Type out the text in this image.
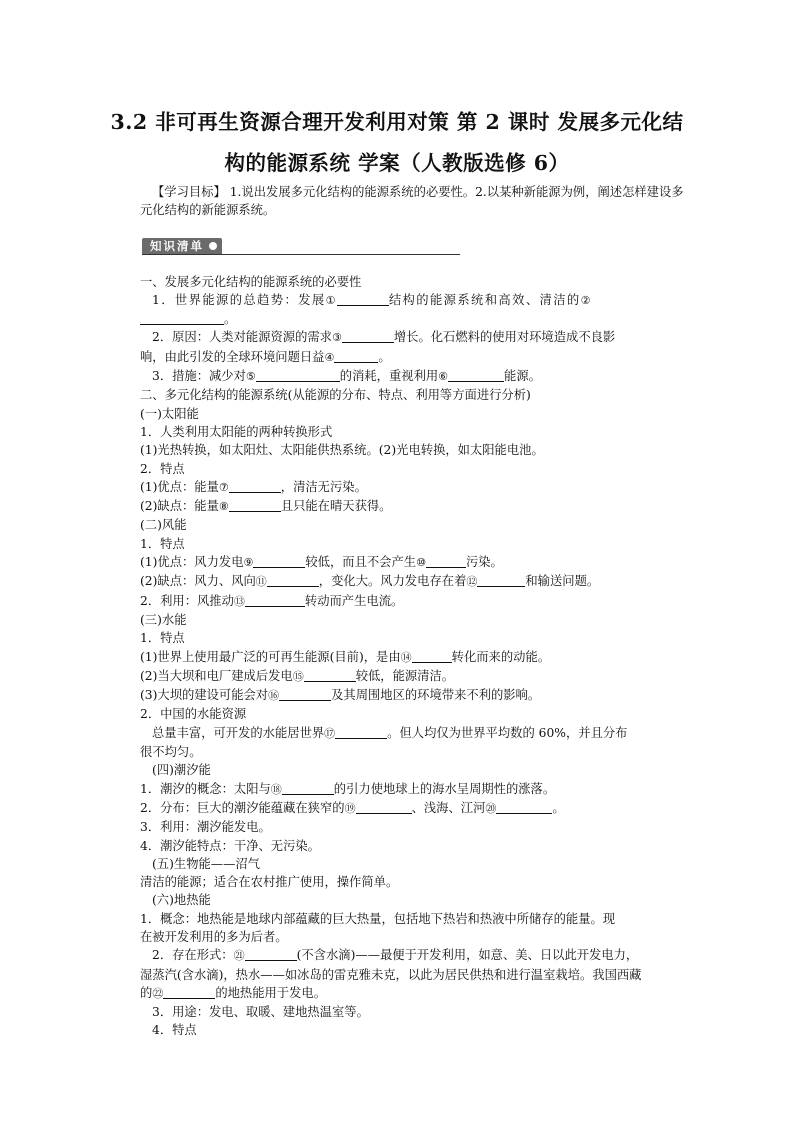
3.2 非可再生资源合理开发利用对策 第 2 课时 发展多元化结
构的能源系统 学案（人教版选修 6）

【学习目标】 1.说出发展多元化结构的能源系统的必要性。2.以某种新能源为例，阐述怎样建设多元化结构的新能源系统。

知识清单

一、发展多元化结构的能源系统的必要性

1．世界能源的总趋势：发展①	结构的能源系统和高效、清洁的②

。

2．原因：人类对能源资源的需求③	增长。化石燃料的使用对环境造成不良影

响，由此引发的全球环境问题日益④	。

3．措施：减少对⑤	的消耗，重视利用⑥	能源。

二、多元化结构的能源系统(从能源的分布、特点、利用等方面进行分析)

(一)太阳能

1．人类利用太阳能的两种转换形式

(1)光热转换，如太阳灶、太阳能供热系统。(2)光电转换，如太阳能电池。

2．特点

(1)优点：能量⑦	，清洁无污染。

(2)缺点：能量⑧	且只能在晴天获得。

(二)风能

1．特点

(1)优点：风力发电⑨	较低，而且不会产生⑩	污染。

(2)缺点：风力、风向⑪	，变化大。风力发电存在着⑫	和输送问题。

2．利用：风推动⑬	转动而产生电流。

(三)水能

1．特点

(1)世界上使用最广泛的可再生能源(目前)，是由⑭	转化而来的动能。

(2)当大坝和电厂建成后发电⑮	较低，能源清洁。

(3)大坝的建设可能会对⑯	及其周围地区的环境带来不利的影响。

2．中国的水能资源

总量丰富，可开发的水能居世界⑰	。但人均仅为世界平均数的 60%，并且分布

很不均匀。

(四)潮汐能

1．潮汐的概念：太阳与⑱	的引力使地球上的海水呈周期性的涨落。

2．分布：巨大的潮汐能蕴藏在狭窄的⑲	、浅海、江河⑳	。

3．利用：潮汐能发电。

4．潮汐能特点：干净、无污染。

(五)生物能——沼气

清洁的能源；适合在农村推广使用，操作简单。

(六)地热能

1．概念：地热能是地球内部蕴藏的巨大热量，包括地下热岩和热液中所储存的能量。现

在被开发利用的多为后者。

2．存在形式：㉑	(不含水滴)——最便于开发利用，如意、美、日以此开发电力，

湿蒸汽(含水滴)，热水——如冰岛的雷克雅未克，以此为居民供热和进行温室栽培。我国西藏

的㉒	的地热能用于发电。

3．用途：发电、取暖、建地热温室等。

4．特点
